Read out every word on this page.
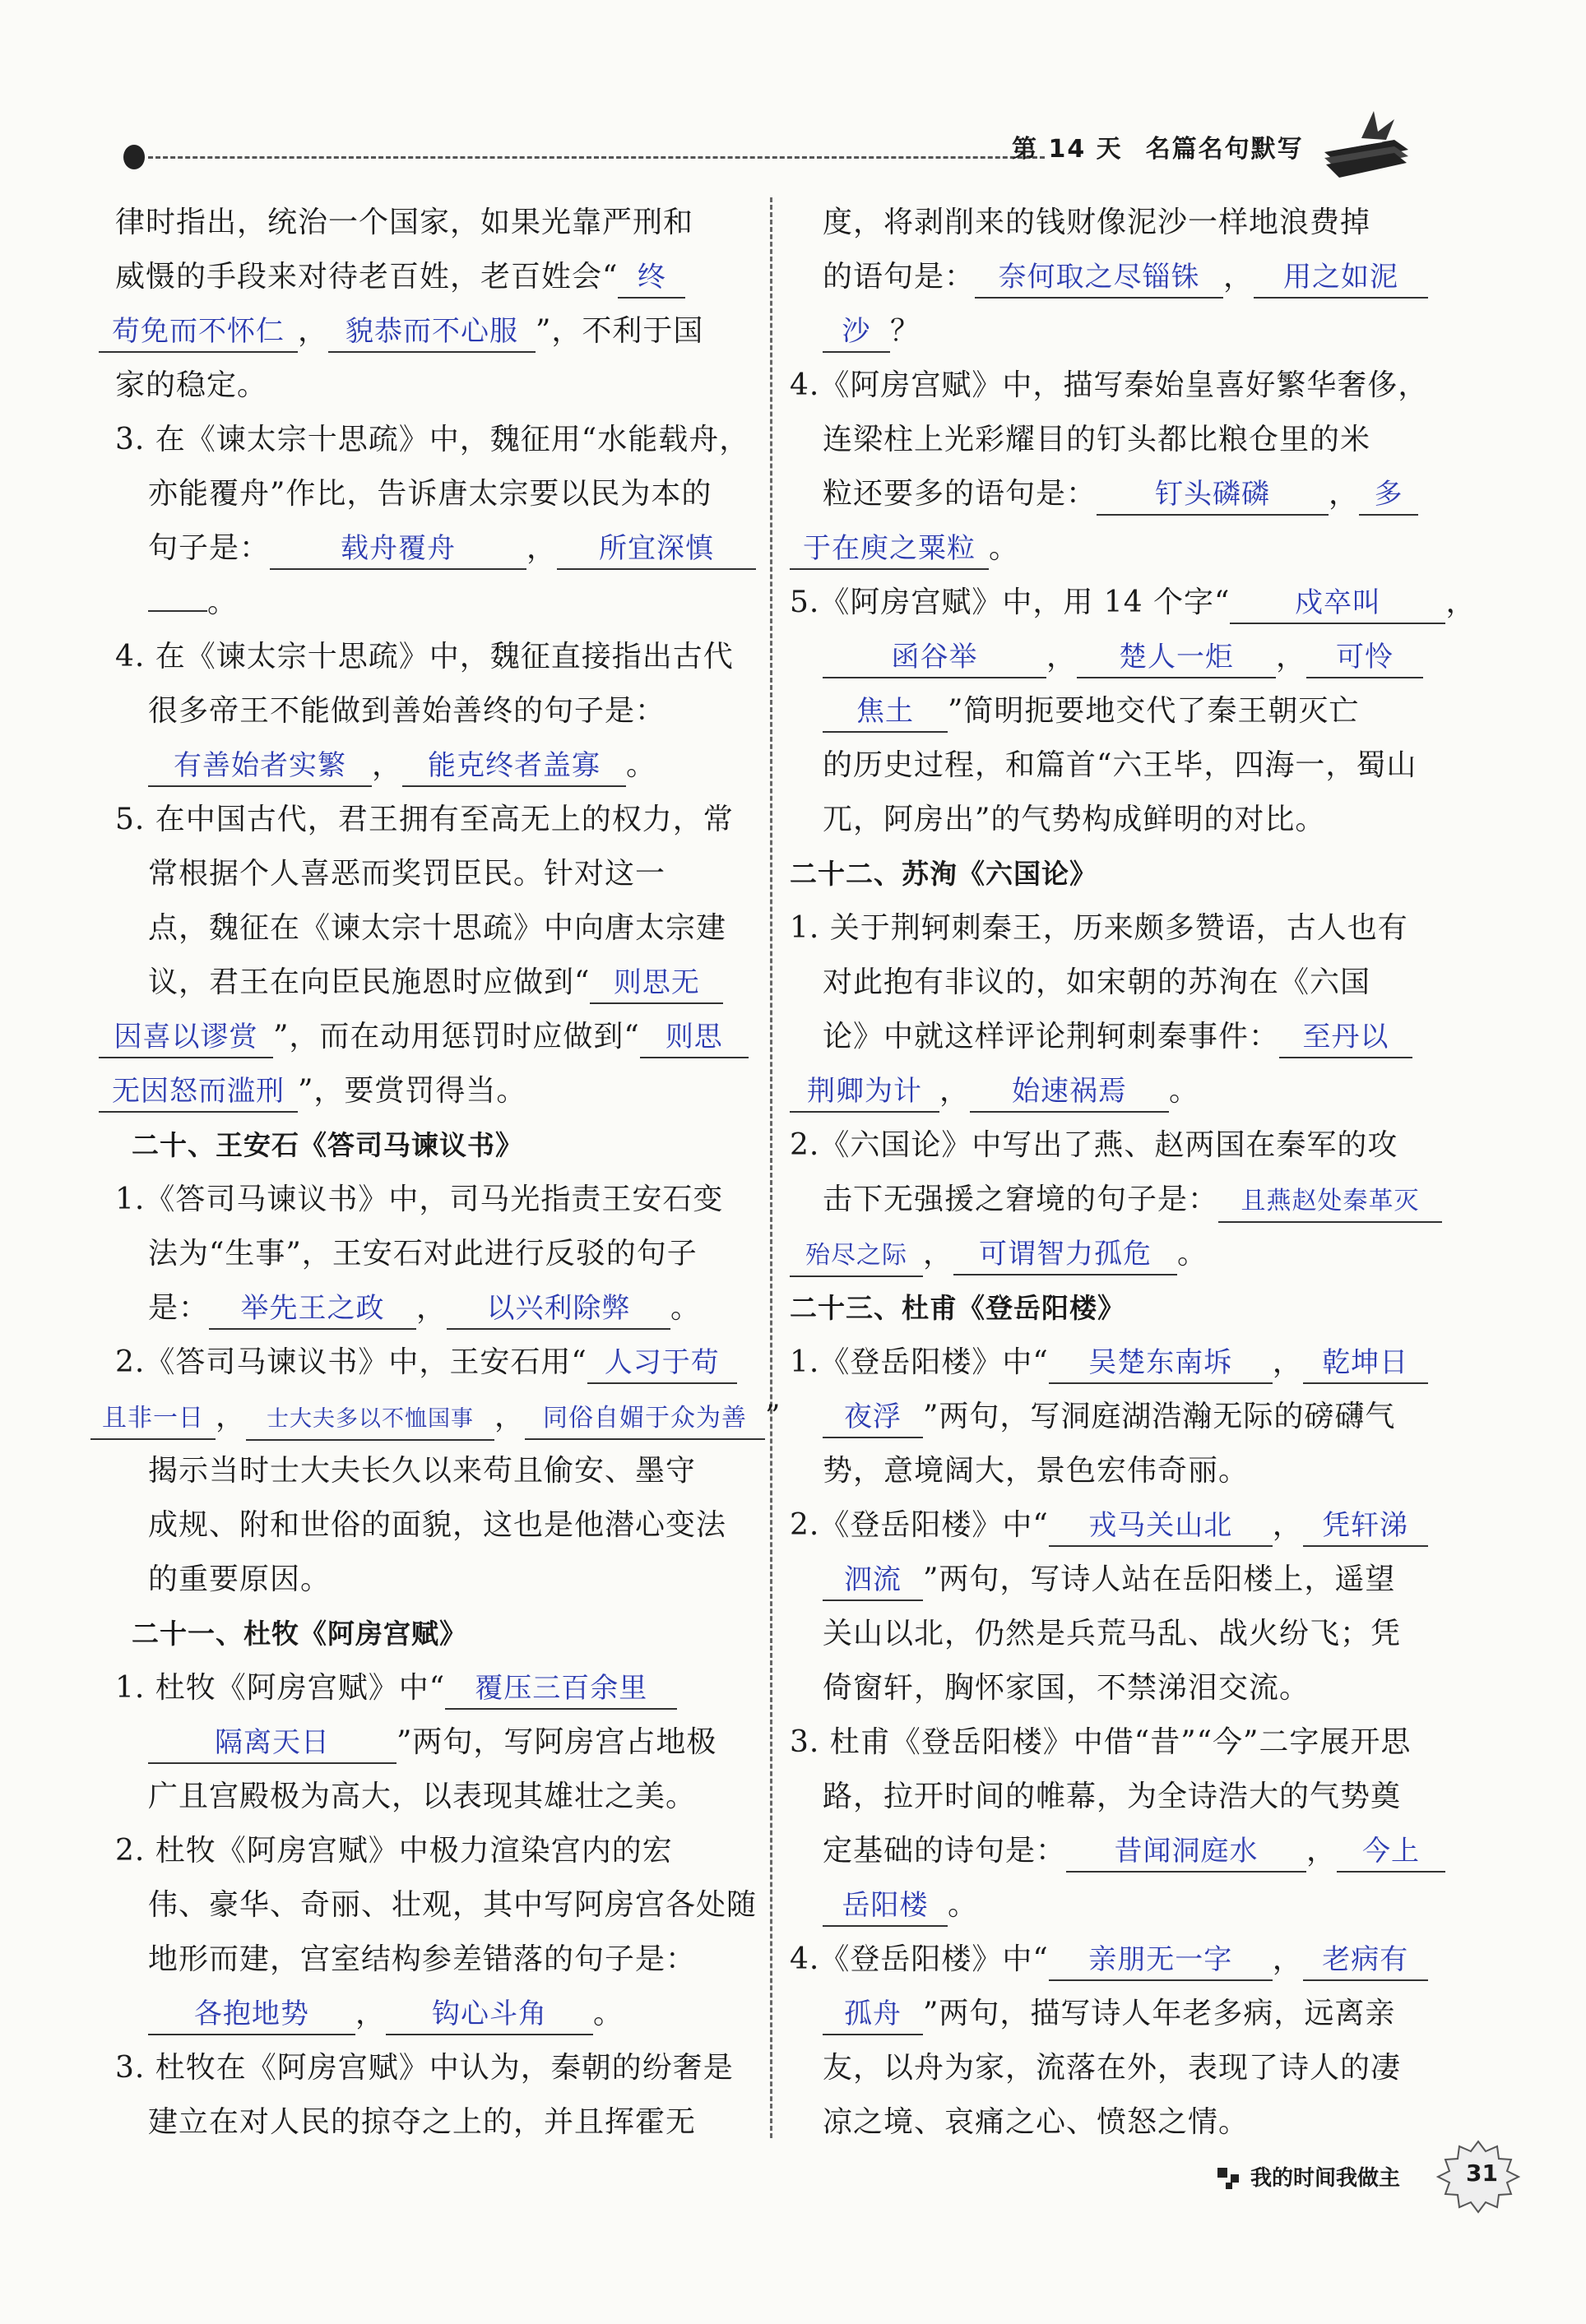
第 14 天 名篇名句默写
律时指出，统治一个国家，如果光靠严刑和
威慑的手段来对待老百姓，老百姓会“ 终
苟免而不怀仁 ， 貌恭而不心服 ”，不利于国
家的稳定。
3. 在《谏太宗十思疏》中，魏征用“水能载舟，
亦能覆舟”作比，告诉唐太宗要以民为本的
句子是：	载舟覆舟 ， 所宜深慎
。
4. 在《谏太宗十思疏》中，魏征直接指出古代
很多帝王不能做到善始善终的句子是：
有善始者实繁 ， 能克终者盖寡 。
5. 在中国古代，君王拥有至高无上的权力，常
常根据个人喜恶而奖罚臣民。针对这一
点，魏征在《谏太宗十思疏》中向唐太宗建
议，君王在向臣民施恩时应做到“ 则思无
因喜以谬赏 ”，而在动用惩罚时应做到“ 则思
无因怒而滥刑 ”，要赏罚得当。
二十、王安石《答司马谏议书》
1.《答司马谏议书》中，司马光指责王安石变
法为“生事”，王安石对此进行反驳的句子
是： 举先王之政 ， 以兴利除弊 。
2.《答司马谏议书》中，王安石用“ 人习于苟
且非一日 ， 士大夫多以不恤国事 ， 同俗自媚于众为善 ”
揭示当时士大夫长久以来苟且偷安、墨守
成规、附和世俗的面貌，这也是他潜心变法
的重要原因。
二十一、杜牧《阿房宫赋》
1. 杜牧《阿房宫赋》中“ 覆压三百余里
隔离天日 ”两句，写阿房宫占地极
广且宫殿极为高大，以表现其雄壮之美。
2. 杜牧《阿房宫赋》中极力渲染宫内的宏
伟、豪华、奇丽、壮观，其中写阿房宫各处随
地形而建，宫室结构参差错落的句子是：
各抱地势 ， 钩心斗角 。
3. 杜牧在《阿房宫赋》中认为，秦朝的纷奢是
建立在对人民的掠夺之上的，并且挥霍无
度，将剥削来的钱财像泥沙一样地浪费掉
的语句是： 奈何取之尽锱铢 ， 用之如泥
沙 ？
4.《阿房宫赋》中，描写秦始皇喜好繁华奢侈，
连梁柱上光彩耀目的钉头都比粮仓里的米
粒还要多的语句是： 钉头磷磷 ， 多
于在庾之粟粒 。
5.《阿房宫赋》中，用 14 个字“ 戍卒叫 ，
函谷举 ， 楚人一炬 ， 可怜
焦土 ”简明扼要地交代了秦王朝灭亡
的历史过程，和篇首“六王毕，四海一，蜀山
兀，阿房出”的气势构成鲜明的对比。
二十二、苏洵《六国论》
1. 关于荆轲刺秦王，历来颇多赞语，古人也有
对此抱有非议的，如宋朝的苏洵在《六国
论》中就这样评论荆轲刺秦事件： 至丹以
荆卿为计 ， 始速祸焉 。
2.《六国论》中写出了燕、赵两国在秦军的攻
击下无强援之窘境的句子是： 且燕赵处秦革灭
殆尽之际 ， 可谓智力孤危 。
二十三、杜甫《登岳阳楼》
1.《登岳阳楼》中“ 吴楚东南坼 ， 乾坤日
夜浮 ”两句，写洞庭湖浩瀚无际的磅礴气
势，意境阔大，景色宏伟奇丽。
2.《登岳阳楼》中“ 戎马关山北 ， 凭轩涕
泗流 ”两句，写诗人站在岳阳楼上，遥望
关山以北，仍然是兵荒马乱、战火纷飞；凭
倚窗轩，胸怀家国，不禁涕泪交流。
3. 杜甫《登岳阳楼》中借“昔”“今”二字展开思
路，拉开时间的帷幕，为全诗浩大的气势奠
定基础的诗句是： 昔闻洞庭水 ， 今上
岳阳楼 。
4.《登岳阳楼》中“ 亲朋无一字 ， 老病有
孤舟 ”两句，描写诗人年老多病，远离亲
友，以舟为家，流落在外，表现了诗人的凄
凉之境、哀痛之心、愤怒之情。
我的时间我做主	31
